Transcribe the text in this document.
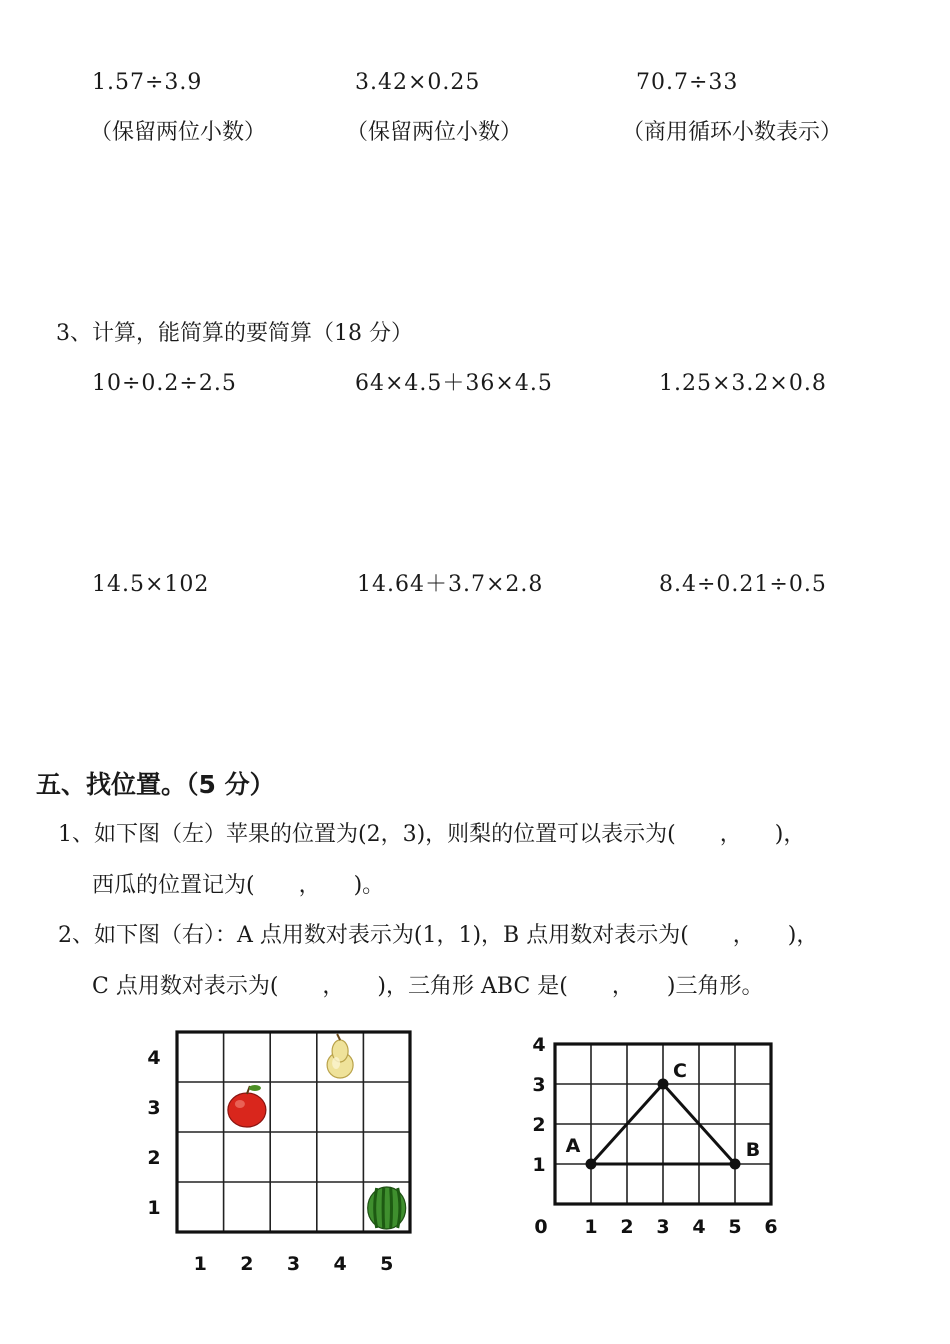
1.57÷3.9	3.42×0.25	70.7÷33
（保留两位小数）	（保留两位小数）	（商用循环小数表示）
3、计算，能简算的要简算（18 分）
10÷0.2÷2.5	64×4.5＋36×4.5	1.25×3.2×0.8
14.5×102	14.64＋3.7×2.8	8.4÷0.21÷0.5
五、找位置。（5 分）
1、如下图（左）苹果的位置为(2，3)，则梨的位置可以表示为(　　，　　)，
西瓜的位置记为(　　，　　)。
2、如下图（右）：A 点用数对表示为(1，1)，B 点用数对表示为(　　，　　)，
C 点用数对表示为(　　，　　)，三角形 ABC 是(　　，　　)三角形。
1 2 3 4 5
4
3
2
1
A	B
C
0 1 2 3 4 5 6
4
3
2
1
